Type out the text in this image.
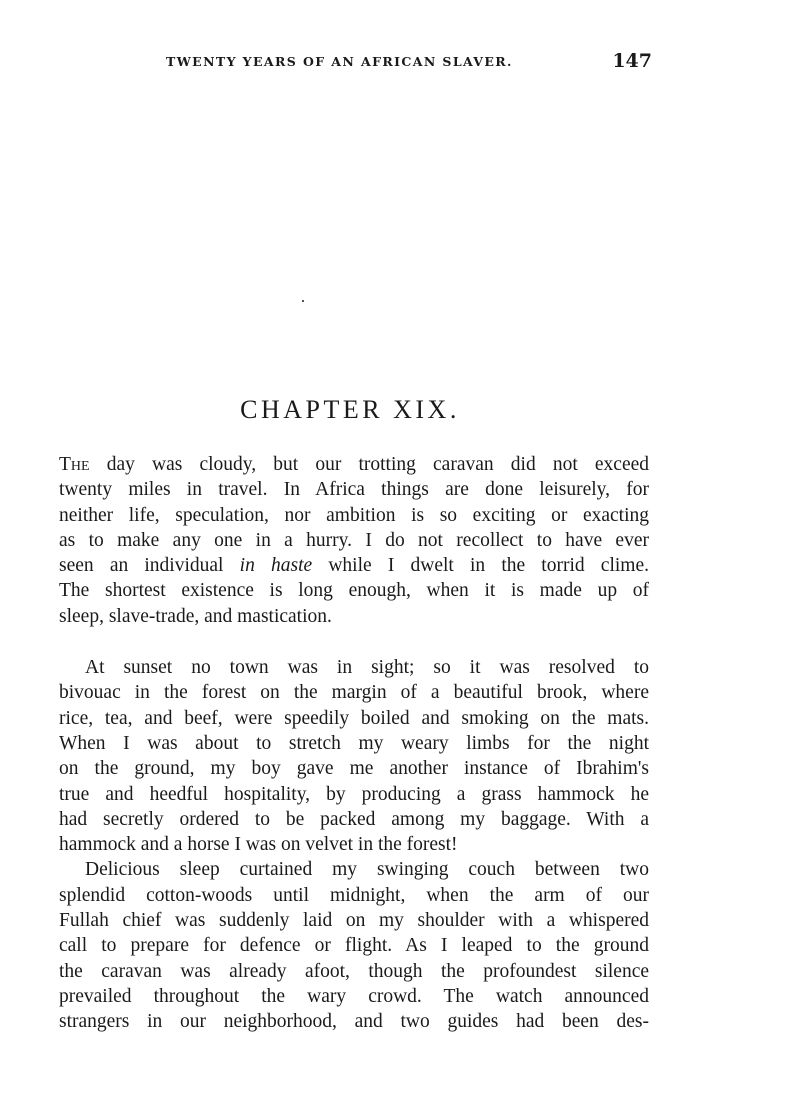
TWENTY YEARS OF AN AFRICAN SLAVER.	147
CHAPTER XIX.
The day was cloudy, but our trotting caravan did not exceed
twenty miles in travel. In Africa things are done leisurely, for
neither life, speculation, nor ambition is so exciting or exacting
as to make any one in a hurry. I do not recollect to have ever
seen an individual in haste while I dwelt in the torrid clime.
The shortest existence is long enough, when it is made up of
sleep, slave-trade, and mastication.
At sunset no town was in sight; so it was resolved to
bivouac in the forest on the margin of a beautiful brook, where
rice, tea, and beef, were speedily boiled and smoking on the mats.
When I was about to stretch my weary limbs for the night
on the ground, my boy gave me another instance of Ibrahim's
true and heedful hospitality, by producing a grass hammock he
had secretly ordered to be packed among my baggage. With a
hammock and a horse I was on velvet in the forest!
Delicious sleep curtained my swinging couch between two
splendid cotton-woods until midnight, when the arm of our
Fullah chief was suddenly laid on my shoulder with a whispered
call to prepare for defence or flight. As I leaped to the ground
the caravan was already afoot, though the profoundest silence
prevailed throughout the wary crowd. The watch announced
strangers in our neighborhood, and two guides had been des-
